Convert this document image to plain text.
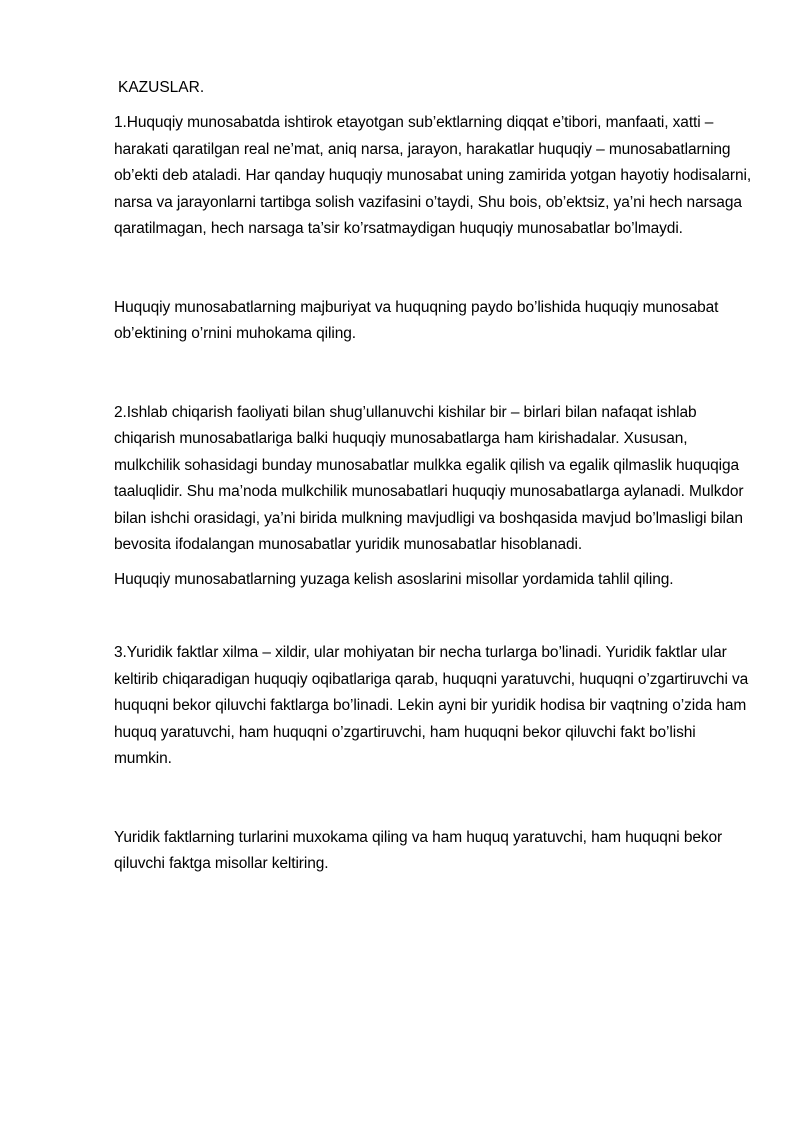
KAZUSLAR.

1.Huquqiy munosabatda ishtirok etayotgan sub’ektlarning diqqat e’tibori, manfaati, xatti –harakati qaratilgan real ne’mat, aniq narsa, jarayon, harakatlar huquqiy – munosabatlarning ob’ekti deb ataladi. Har qanday huquqiy munosabat uning zamirida yotgan hayotiy hodisalarni, narsa va jarayonlarni tartibga solish vazifasini o’taydi, Shu bois, ob’ektsiz, ya’ni hech narsaga qaratilmagan, hech narsaga ta’sir ko’rsatmaydigan huquqiy munosabatlar bo’lmaydi.

Huquqiy munosabatlarning majburiyat va huquqning paydo bo’lishida huquqiy munosabat ob’ektining o’rnini muhokama qiling.

2.Ishlab chiqarish faoliyati bilan shug’ullanuvchi kishilar bir – birlari bilan nafaqat ishlab chiqarish munosabatlariga balki huquqiy munosabatlarga ham kirishadalar. Xususan, mulkchilik sohasidagi bunday munosabatlar mulkka egalik qilish va egalik qilmaslik huquqiga taaluqlidir. Shu ma’noda mulkchilik munosabatlari huquqiy munosabatlarga aylanadi. Mulkdor bilan ishchi orasidagi, ya’ni birida mulkning mavjudligi va boshqasida mavjud bo’lmasligi bilan bevosita ifodalangan munosabatlar yuridik munosabatlar hisoblanadi.

Huquqiy munosabatlarning yuzaga kelish asoslarini misollar yordamida tahlil qiling.

3.Yuridik faktlar xilma – xildir, ular mohiyatan bir necha turlarga bo’linadi. Yuridik faktlar ular keltirib chiqaradigan huquqiy oqibatlariga qarab, huquqni yaratuvchi, huquqni o’zgartiruvchi va huquqni bekor qiluvchi faktlarga bo’linadi. Lekin ayni bir yuridik hodisa bir vaqtning o’zida ham huquq yaratuvchi, ham huquqni o’zgartiruvchi, ham huquqni bekor qiluvchi fakt bo’lishi mumkin.

Yuridik faktlarning turlarini muxokama qiling va ham huquq yaratuvchi, ham huquqni bekor qiluvchi faktga misollar keltiring.
